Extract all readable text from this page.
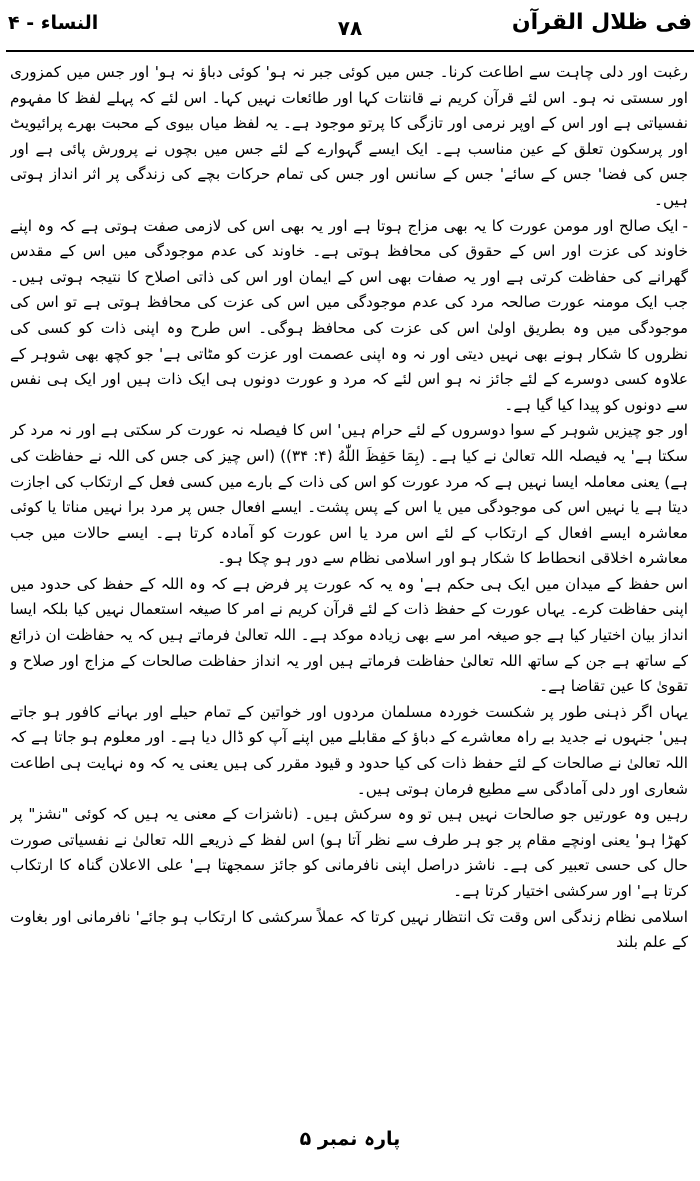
فی ظلال القرآن
۷۸
النساء - ۴

رغبت اور دلی چاہت سے اطاعت کرنا۔ جس میں کوئی جبر نہ ہو' کوئی دباؤ نہ ہو' اور جس میں کمزوری اور سستی نہ ہو۔ اس لئے قرآن کریم نے قانتات کہا اور طائعات نہیں کہا۔ اس لئے کہ پہلے لفظ کا مفہوم نفسیاتی ہے اور اس کے اوپر نرمی اور تازگی کا پرتو موجود ہے۔ یہ لفظ میاں بیوی کے محبت بھرے پرائیویٹ اور پرسکون تعلق کے عین مناسب ہے۔ ایک ایسے گہوارے کے لئے جس میں بچوں نے پرورش پائی ہے اور جس کی فضا' جس کے سائے' جس کے سانس اور جس کی تمام حرکات بچے کی زندگی پر اثر انداز ہوتی ہیں۔

-ایک صالح اور مومن عورت کا یہ بھی مزاج ہوتا ہے اور یہ بھی اس کی لازمی صفت ہوتی ہے کہ وہ اپنے خاوند کی عزت اور اس کے حقوق کی محافظ ہوتی ہے۔ خاوند کی عدم موجودگی میں اس کے مقدس گھرانے کی حفاظت کرتی ہے اور یہ صفات بھی اس کے ایمان اور اس کی ذاتی اصلاح کا نتیجہ ہوتی ہیں۔ جب ایک مومنہ عورت صالحہ مرد کی عدم موجودگی میں اس کی عزت کی محافظ ہوتی ہے تو اس کی موجودگی میں وہ بطریق اولیٰ اس کی عزت کی محافظ ہوگی۔ اس طرح وہ اپنی ذات کو کسی کی نظروں کا شکار ہونے بھی نہیں دیتی اور نہ وہ اپنی عصمت اور عزت کو مٹاتی ہے' جو کچھ بھی شوہر کے علاوہ کسی دوسرے کے لئے جائز نہ ہو اس لئے کہ مرد و عورت دونوں ہی ایک ذات ہیں اور ایک ہی نفس سے دونوں کو پیدا کیا گیا ہے۔

اور جو چیزیں شوہر کے سوا دوسروں کے لئے حرام ہیں' اس کا فیصلہ نہ عورت کر سکتی ہے اور نہ مرد کر سکتا ہے' یہ فیصلہ اللہ تعالیٰ نے کیا ہے۔ (بِمَا حَفِظَ اللّٰهُ (۴: ۳۴)) (اس چیز کی جس کی اللہ نے حفاظت کی ہے) یعنی معاملہ ایسا نہیں ہے کہ مرد عورت کو اس کی ذات کے بارے میں کسی فعل کے ارتکاب کی اجازت دیتا ہے یا نہیں اس کی موجودگی میں یا اس کے پس پشت۔ ایسے افعال جس پر مرد برا نہیں مناتا یا کوئی معاشرہ ایسے افعال کے ارتکاب کے لئے اس مرد یا اس عورت کو آمادہ کرتا ہے۔ ایسے حالات میں جب معاشرہ اخلاقی انحطاط کا شکار ہو اور اسلامی نظام سے دور ہو چکا ہو۔

اس حفظ کے میدان میں ایک ہی حکم ہے' وہ یہ کہ عورت پر فرض ہے کہ وہ اللہ کے حفظ کی حدود میں اپنی حفاظت کرے۔ یہاں عورت کے حفظ ذات کے لئے قرآن کریم نے امر کا صیغہ استعمال نہیں کیا بلکہ ایسا انداز بیان اختیار کیا ہے جو صیغہ امر سے بھی زیادہ موکد ہے۔ اللہ تعالیٰ فرماتے ہیں کہ یہ حفاظت ان ذرائع کے ساتھ ہے جن کے ساتھ اللہ تعالیٰ حفاظت فرماتے ہیں اور یہ انداز حفاظت صالحات کے مزاج اور صلاح و تقویٰ کا عین تقاضا ہے۔

یہاں اگر ذہنی طور پر شکست خوردہ مسلمان مردوں اور خواتین کے تمام حیلے اور بہانے کافور ہو جاتے ہیں' جنہوں نے جدید بے راہ معاشرے کے دباؤ کے مقابلے میں اپنے آپ کو ڈال دیا ہے۔ اور معلوم ہو جاتا ہے کہ اللہ تعالیٰ نے صالحات کے لئے حفظ ذات کی کیا حدود و قیود مقرر کی ہیں یعنی یہ کہ وہ نہایت ہی اطاعت شعاری اور دلی آمادگی سے مطیع فرمان ہوتی ہیں۔

رہیں وہ عورتیں جو صالحات نہیں ہیں تو وہ سرکش ہیں۔ (ناشزات کے معنی یہ ہیں کہ کوئی "نشز" پر کھڑا ہو' یعنی اونچے مقام پر جو ہر طرف سے نظر آتا ہو) اس لفظ کے ذریعے اللہ تعالیٰ نے نفسیاتی صورت حال کی حسی تعبیر کی ہے۔ ناشز دراصل اپنی نافرمانی کو جائز سمجھتا ہے' علی الاعلان گناہ کا ارتکاب کرتا ہے' اور سرکشی اختیار کرتا ہے۔

اسلامی نظام زندگی اس وقت تک انتظار نہیں کرتا کہ عملاً سرکشی کا ارتکاب ہو جائے' نافرمانی اور بغاوت کے علم بلند

پارہ نمبر ۵
